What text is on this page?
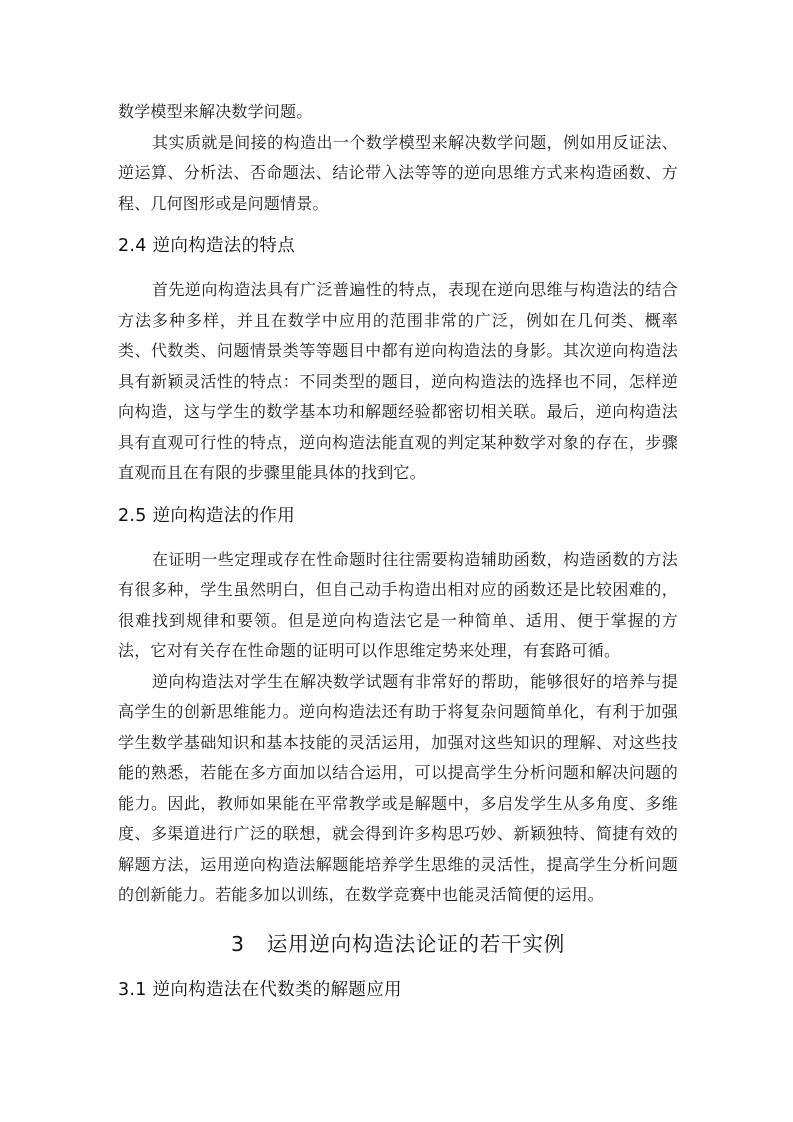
数学模型来解决数学问题。

其实质就是间接的构造出一个数学模型来解决数学问题，例如用反证法、逆运算、分析法、否命题法、结论带入法等等的逆向思维方式来构造函数、方程、几何图形或是问题情景。

2.4 逆向构造法的特点

首先逆向构造法具有广泛普遍性的特点，表现在逆向思维与构造法的结合方法多种多样，并且在数学中应用的范围非常的广泛，例如在几何类、概率类、代数类、问题情景类等等题目中都有逆向构造法的身影。其次逆向构造法具有新颖灵活性的特点：不同类型的题目，逆向构造法的选择也不同，怎样逆向构造，这与学生的数学基本功和解题经验都密切相关联。最后，逆向构造法具有直观可行性的特点，逆向构造法能直观的判定某种数学对象的存在，步骤直观而且在有限的步骤里能具体的找到它。

2.5 逆向构造法的作用

在证明一些定理或存在性命题时往往需要构造辅助函数，构造函数的方法有很多种，学生虽然明白，但自己动手构造出相对应的函数还是比较困难的，很难找到规律和要领。但是逆向构造法它是一种简单、适用、便于掌握的方法，它对有关存在性命题的证明可以作思维定势来处理，有套路可循。

逆向构造法对学生在解决数学试题有非常好的帮助，能够很好的培养与提高学生的创新思维能力。逆向构造法还有助于将复杂问题简单化，有利于加强学生数学基础知识和基本技能的灵活运用，加强对这些知识的理解、对这些技能的熟悉，若能在多方面加以结合运用，可以提高学生分析问题和解决问题的能力。因此，教师如果能在平常教学或是解题中，多启发学生从多角度、多维度、多渠道进行广泛的联想，就会得到许多构思巧妙、新颖独特、简捷有效的解题方法，运用逆向构造法解题能培养学生思维的灵活性，提高学生分析问题的创新能力。若能多加以训练，在数学竞赛中也能灵活简便的运用。

3 运用逆向构造法论证的若干实例
3.1 逆向构造法在代数类的解题应用
